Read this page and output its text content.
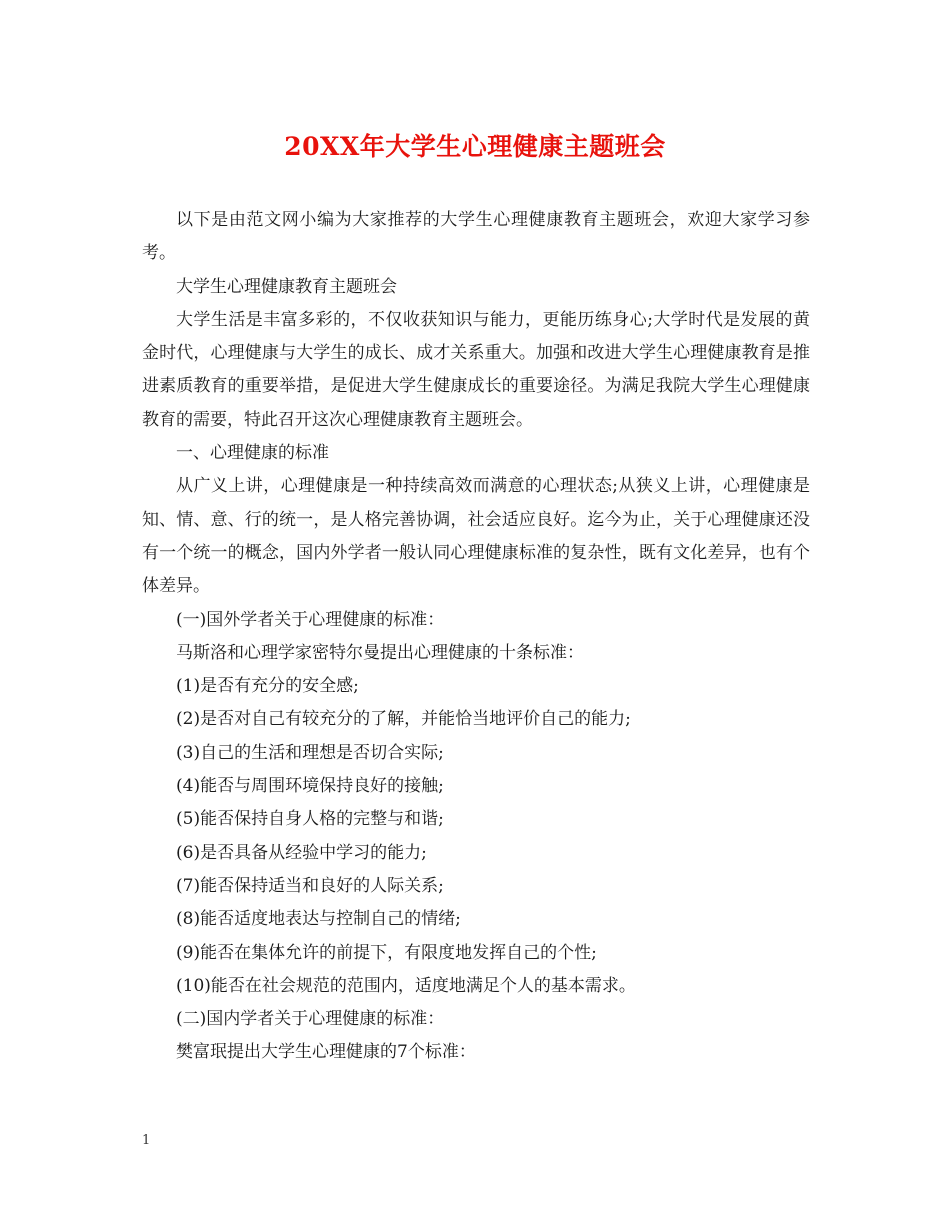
20XX年大学生心理健康主题班会

以下是由范文网小编为大家推荐的大学生心理健康教育主题班会，欢迎大家学习参考。

大学生心理健康教育主题班会

大学生活是丰富多彩的，不仅收获知识与能力，更能历练身心;大学时代是发展的黄金时代，心理健康与大学生的成长、成才关系重大。加强和改进大学生心理健康教育是推进素质教育的重要举措，是促进大学生健康成长的重要途径。为满足我院大学生心理健康教育的需要，特此召开这次心理健康教育主题班会。

一、心理健康的标准

从广义上讲，心理健康是一种持续高效而满意的心理状态;从狭义上讲，心理健康是知、情、意、行的统一，是人格完善协调，社会适应良好。迄今为止，关于心理健康还没有一个统一的概念，国内外学者一般认同心理健康标准的复杂性，既有文化差异，也有个体差异。

(一)国外学者关于心理健康的标准：

马斯洛和心理学家密特尔曼提出心理健康的十条标准：

(1)是否有充分的安全感;

(2)是否对自己有较充分的了解，并能恰当地评价自己的能力;

(3)自己的生活和理想是否切合实际;

(4)能否与周围环境保持良好的接触;

(5)能否保持自身人格的完整与和谐;

(6)是否具备从经验中学习的能力;

(7)能否保持适当和良好的人际关系;

(8)能否适度地表达与控制自己的情绪;

(9)能否在集体允许的前提下，有限度地发挥自己的个性;

(10)能否在社会规范的范围内，适度地满足个人的基本需求。

(二)国内学者关于心理健康的标准：

樊富珉提出大学生心理健康的7个标准：

1
